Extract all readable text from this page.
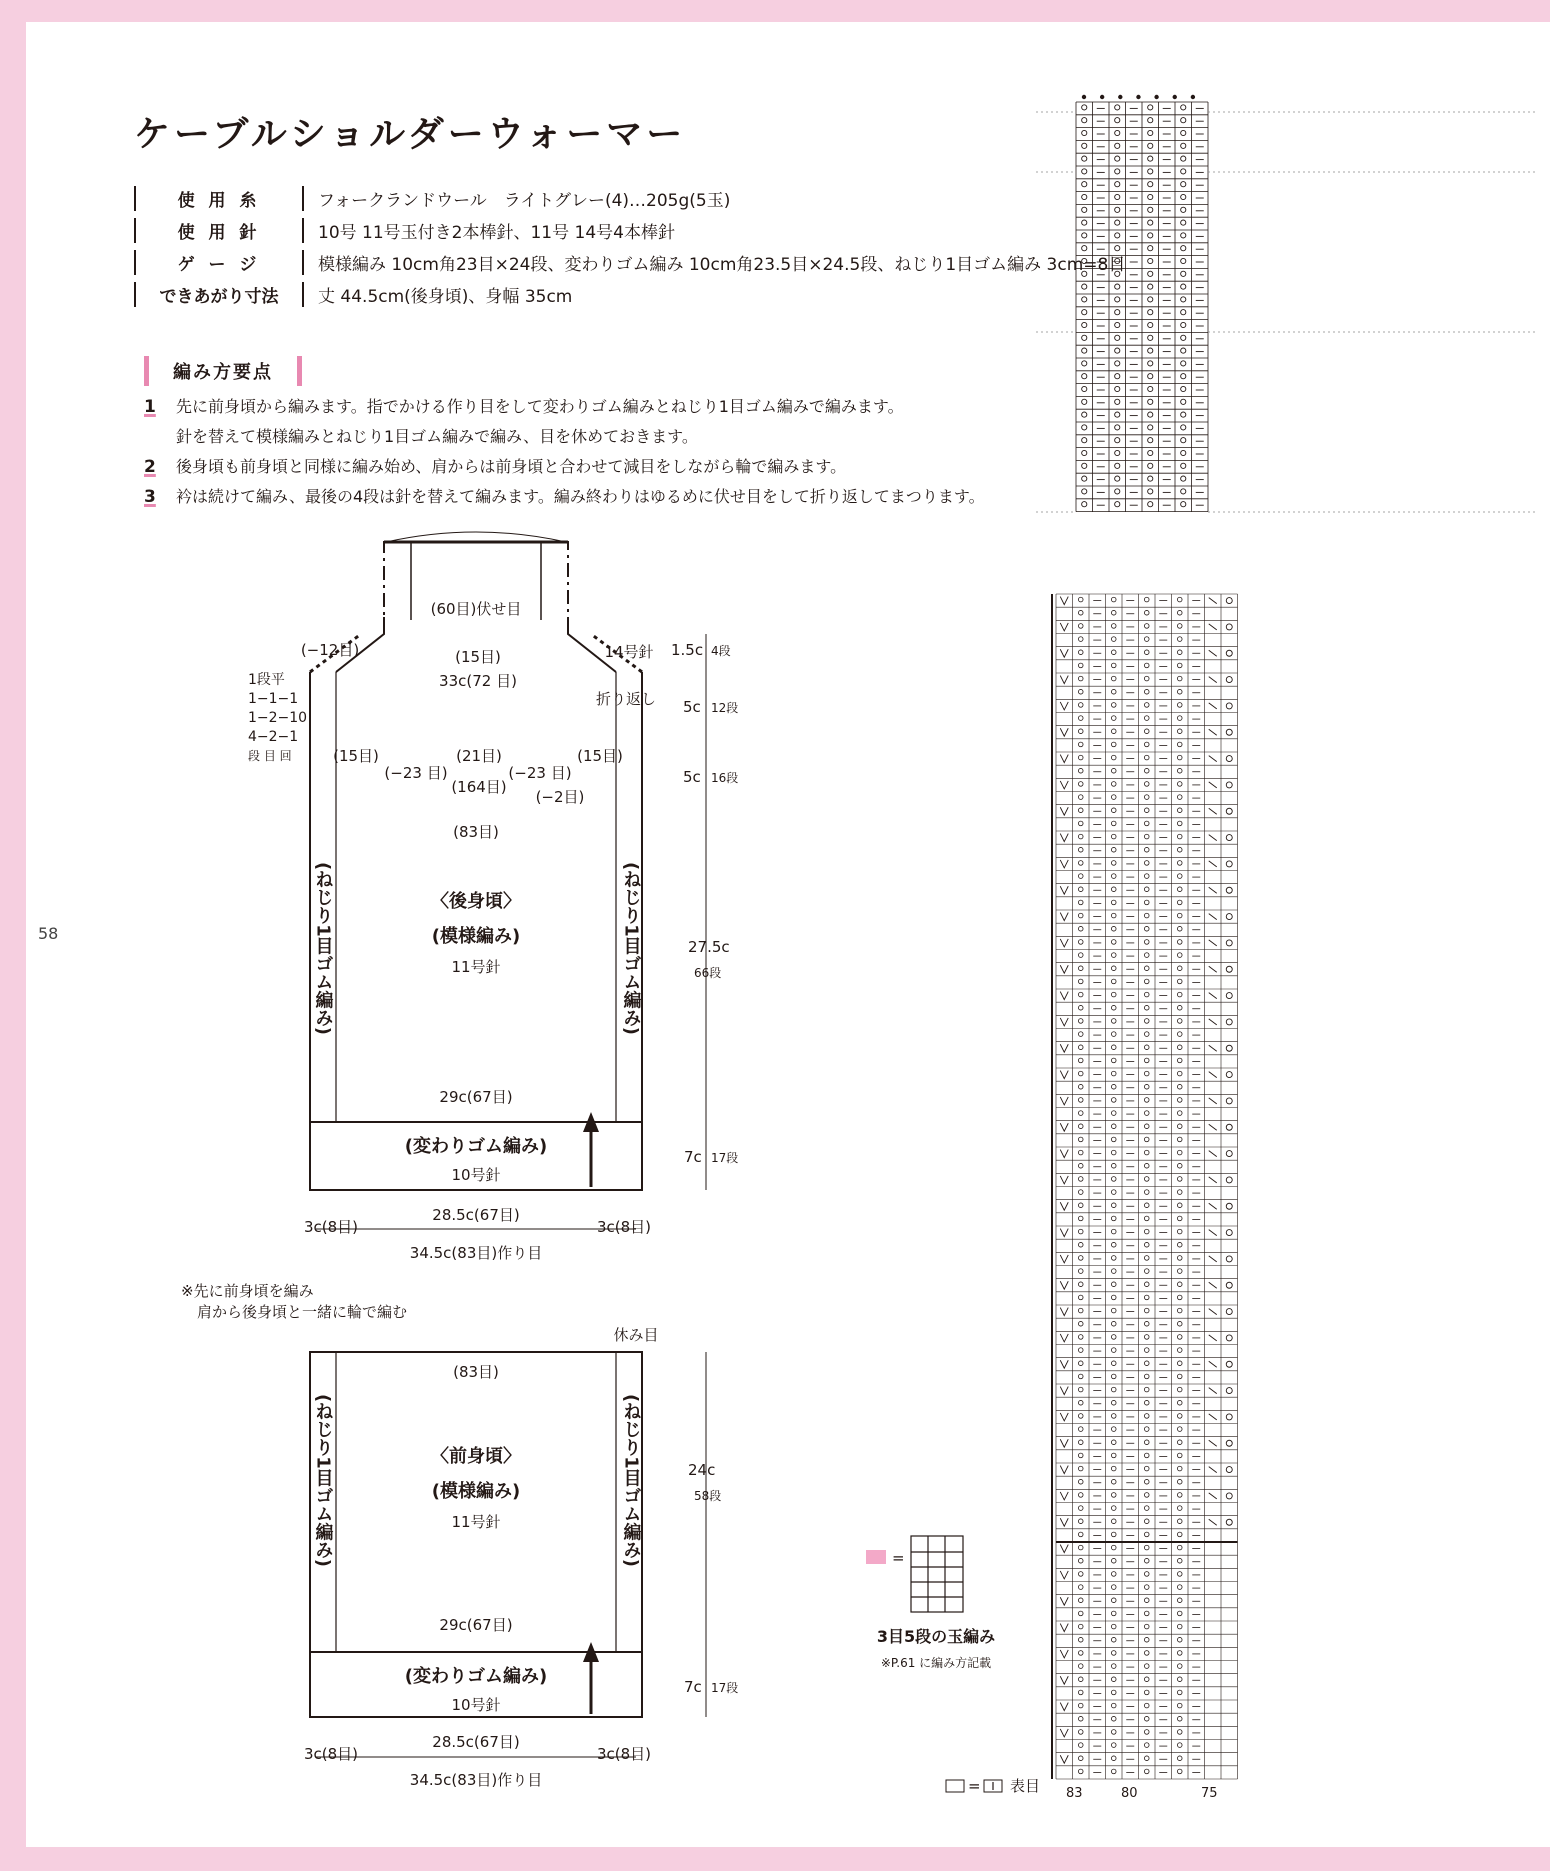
ケーブルショルダーウォーマー
使 用 糸	フォークランドウール　ライトグレー(4)…205g(5玉)
使 用 針	10号 11号玉付き2本棒針、11号 14号4本棒針
ゲ ー ジ	模様編み 10cm角23目×24段、変わりゴム編み 10cm角23.5目×24.5段、ねじり1目ゴム編み 3cm=8目
できあがり寸法	丈 44.5cm(後身頃)、身幅 35cm
編み方要点
1	先に前身頃から編みます。指でかける作り目をして変わりゴム編みとねじり1目ゴム編みで編みます。
針を替えて模様編みとねじり1目ゴム編みで編み、目を休めておきます。
2	後身頃も前身頃と同様に編み始め、肩からは前身頃と合わせて減目をしながら輪で編みます。
3	衿は続けて編み、最後の4段は針を替えて編みます。編み終わりはゆるめに伏せ目をして折り返してまつります。
58
(60目)伏せ目
(−12目)	(15目)
33c(72 目)
14号針
折り返し
(15目)	(15目)
(21目)
(−23 目)	(−23 目)
(164目)
(−2目)
(83目)
〈後身頃〉
(模様編み)
11号針
29c(67目)
(変わりゴム編み)
10号針
28.5c(67目)
3c(8目)	3c(8目)
34.5c(83目)作り目
1段平
1−1−1
1−2−10
4−2−1
段 目 回
1.5c 4段
5c 12段
5c 16段
27.5c
66段
7c 17段
休み目
(83目)
〈前身頃〉
(模様編み)
11号針
29c(67目)
(変わりゴム編み)
10号針
28.5c(67目)
3c(8目)	3c(8目)
34.5c(83目)作り目
24c
58段
7c 17段
(ねじり1目ゴム編み)	(ねじり1目ゴム編み)
(ねじり1目ゴム編み)	(ねじり1目ゴム編み)	=
3目5段の玉編み
※P.61 に編み方記載
= 表目
※先に前身頃を編み
肩から後身頃と一緒に輪で編む
83	80	75
